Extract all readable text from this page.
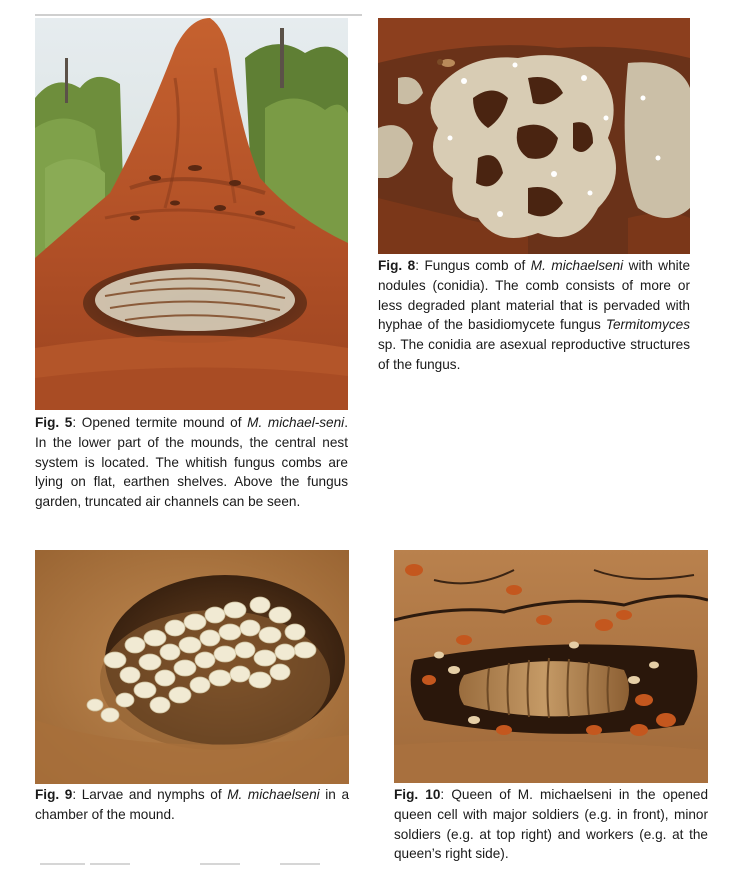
Fig. 5: Opened termite mound of M. michael-seni. In the lower part of the mounds, the central nest system is located. The whitish fungus combs are lying on flat, earthen shelves. Above the fungus garden, truncated air channels can be seen.

Fig. 8: Fungus comb of M. michaelseni with white nodules (conidia). The comb consists of more or less degraded plant material that is pervaded with hyphae of the basidiomycete fungus Termitomyces sp. The conidia are asexual reproductive structures of the fungus.

Fig. 9: Larvae and nymphs of M. michaelseni in a chamber of the mound.

Fig. 10: Queen of M. michaelseni in the opened queen cell with major soldiers (e.g. in front), minor soldiers (e.g. at top right) and workers (e.g. at the queen’s right side).
